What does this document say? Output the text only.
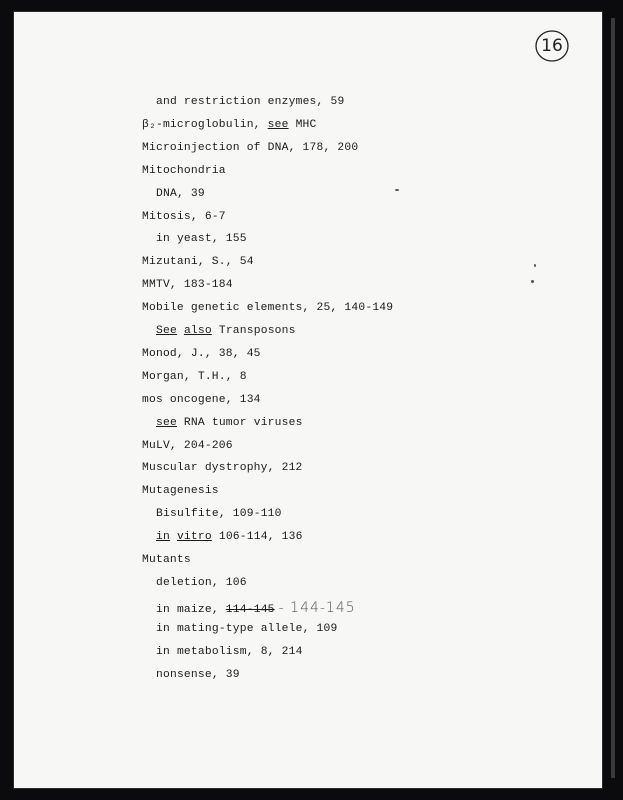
16
and restriction enzymes, 59
β₂-microglobulin, see MHC
Microinjection of DNA, 178, 200
Mitochondria
DNA, 39
Mitosis, 6-7
in yeast, 155
Mizutani, S., 54
MMTV, 183-184
Mobile genetic elements, 25, 140-149
See also Transposons
Monod, J., 38, 45
Morgan, T.H., 8
mos oncogene, 134
see RNA tumor viruses
MuLV, 204-206
Muscular dystrophy, 212
Mutagenesis
Bisulfite, 109-110
in vitro 106-114, 136
Mutants
deletion, 106
in maize, 114-145 - 144-145
in mating-type allele, 109
in metabolism, 8, 214
nonsense, 39
